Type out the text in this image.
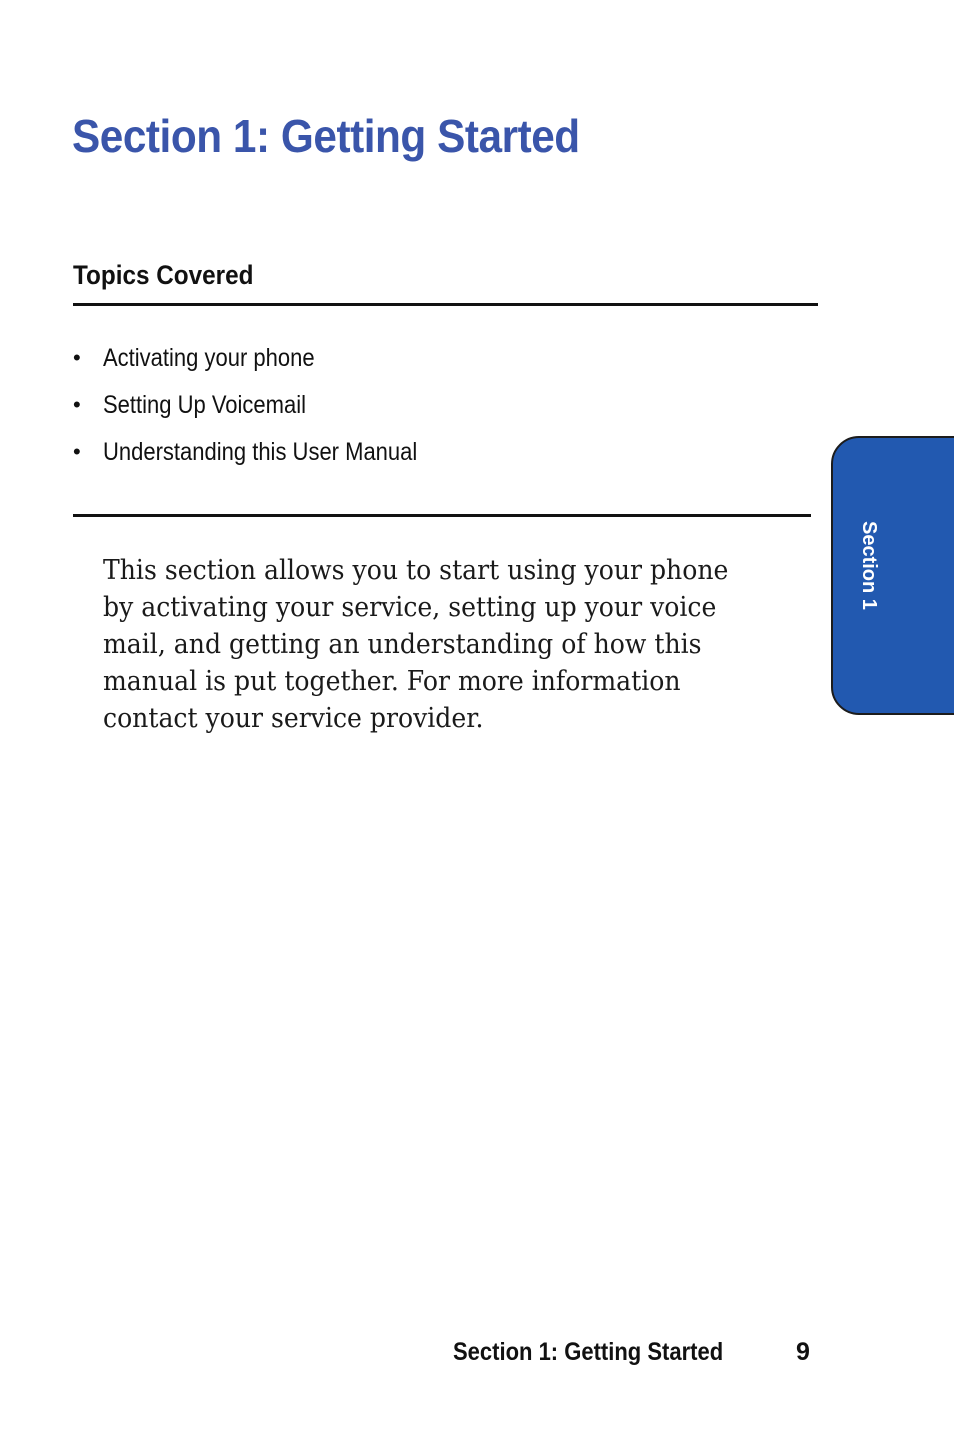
Section 1: Getting Started
Topics Covered
• Activating your phone
• Setting Up Voicemail
• Understanding this User Manual

This section allows you to start using your phone
by activating your service, setting up your voice
mail, and getting an understanding of how this
manual is put together. For more information
contact your service provider.

Section 1
Section 1: Getting Started	9
